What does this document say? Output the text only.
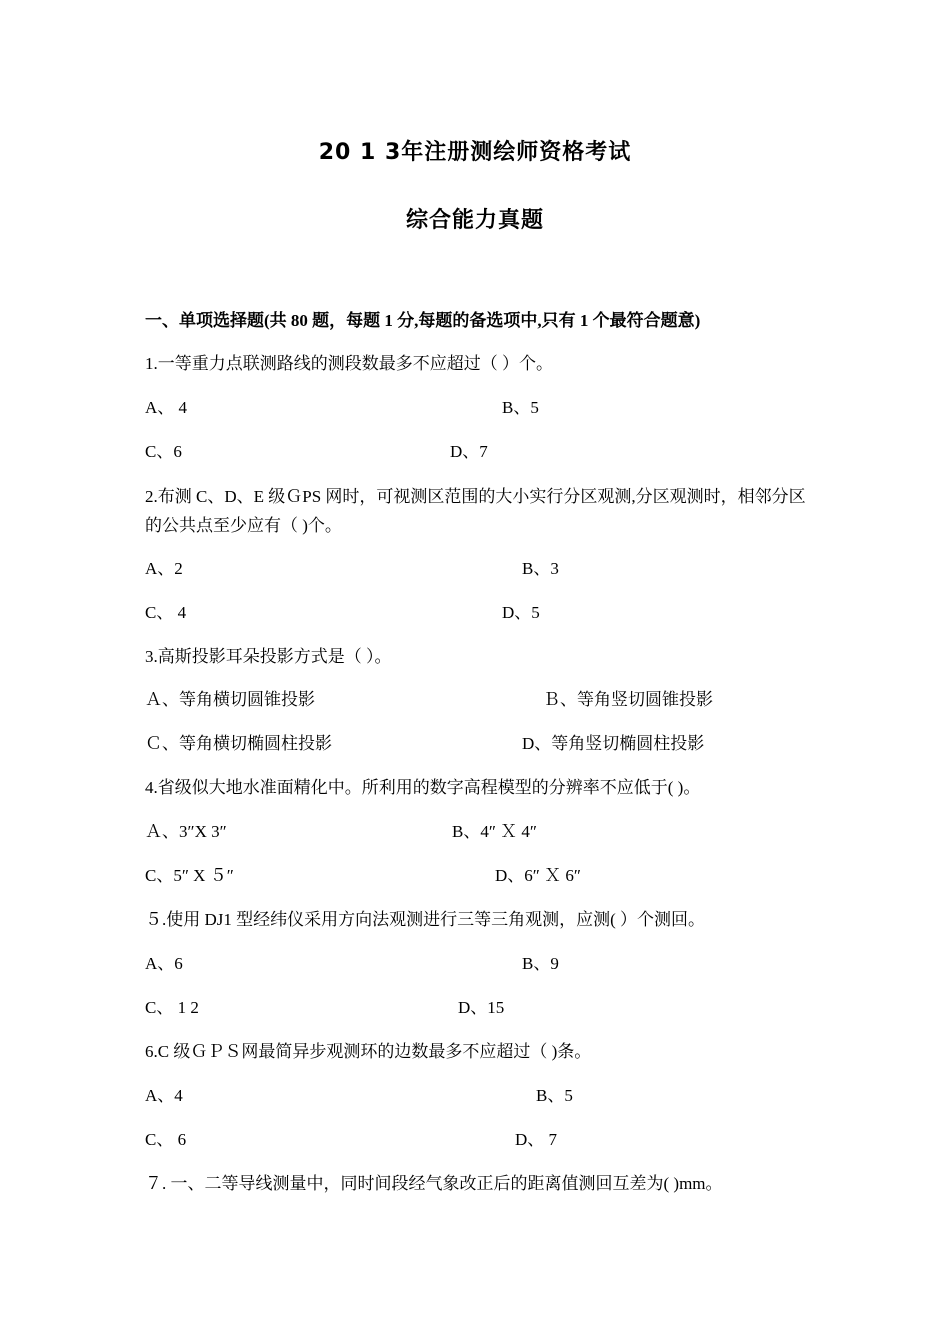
20 1 3年注册测绘师资格考试
综合能力真题
一、单项选择题(共 80 题，每题 1 分,每题的备选项中,只有 1 个最符合题意)
1.一等重力点联测路线的测段数最多不应超过（ ）个。
A、 4	B、5
C、6	D、7
2.布测 C、D、E 级ＧPS 网时，可视测区范围的大小实行分区观测,分区观测时，相邻分区的公共点至少应有（ )个。
A、2	B、3
C、 4	D、5
3.高斯投影耳朵投影方式是（ ）。
Ａ、等角横切圆锥投影	Ｂ、等角竖切圆锥投影
Ｃ、等角横切椭圆柱投影	D、等角竖切椭圆柱投影
4.省级似大地水准面精化中。所利用的数字高程模型的分辨率不应低于( )。
Ａ、3″X 3″	B、4″ Ｘ 4″
C、5″ X ５″	D、6″ Ｘ 6″
５.使用 DJ1 型经纬仪采用方向法观测进行三等三角观测，应测( ）个测回。
A、6	B、9
C、 1 2	D、15
6.C 级ＧＰＳ网最简异步观测环的边数最多不应超过（ )条。
A、4	B、5
C、 6	D、 7
７. 一、二等导线测量中，同时间段经气象改正后的距离值测回互差为( )mm。
